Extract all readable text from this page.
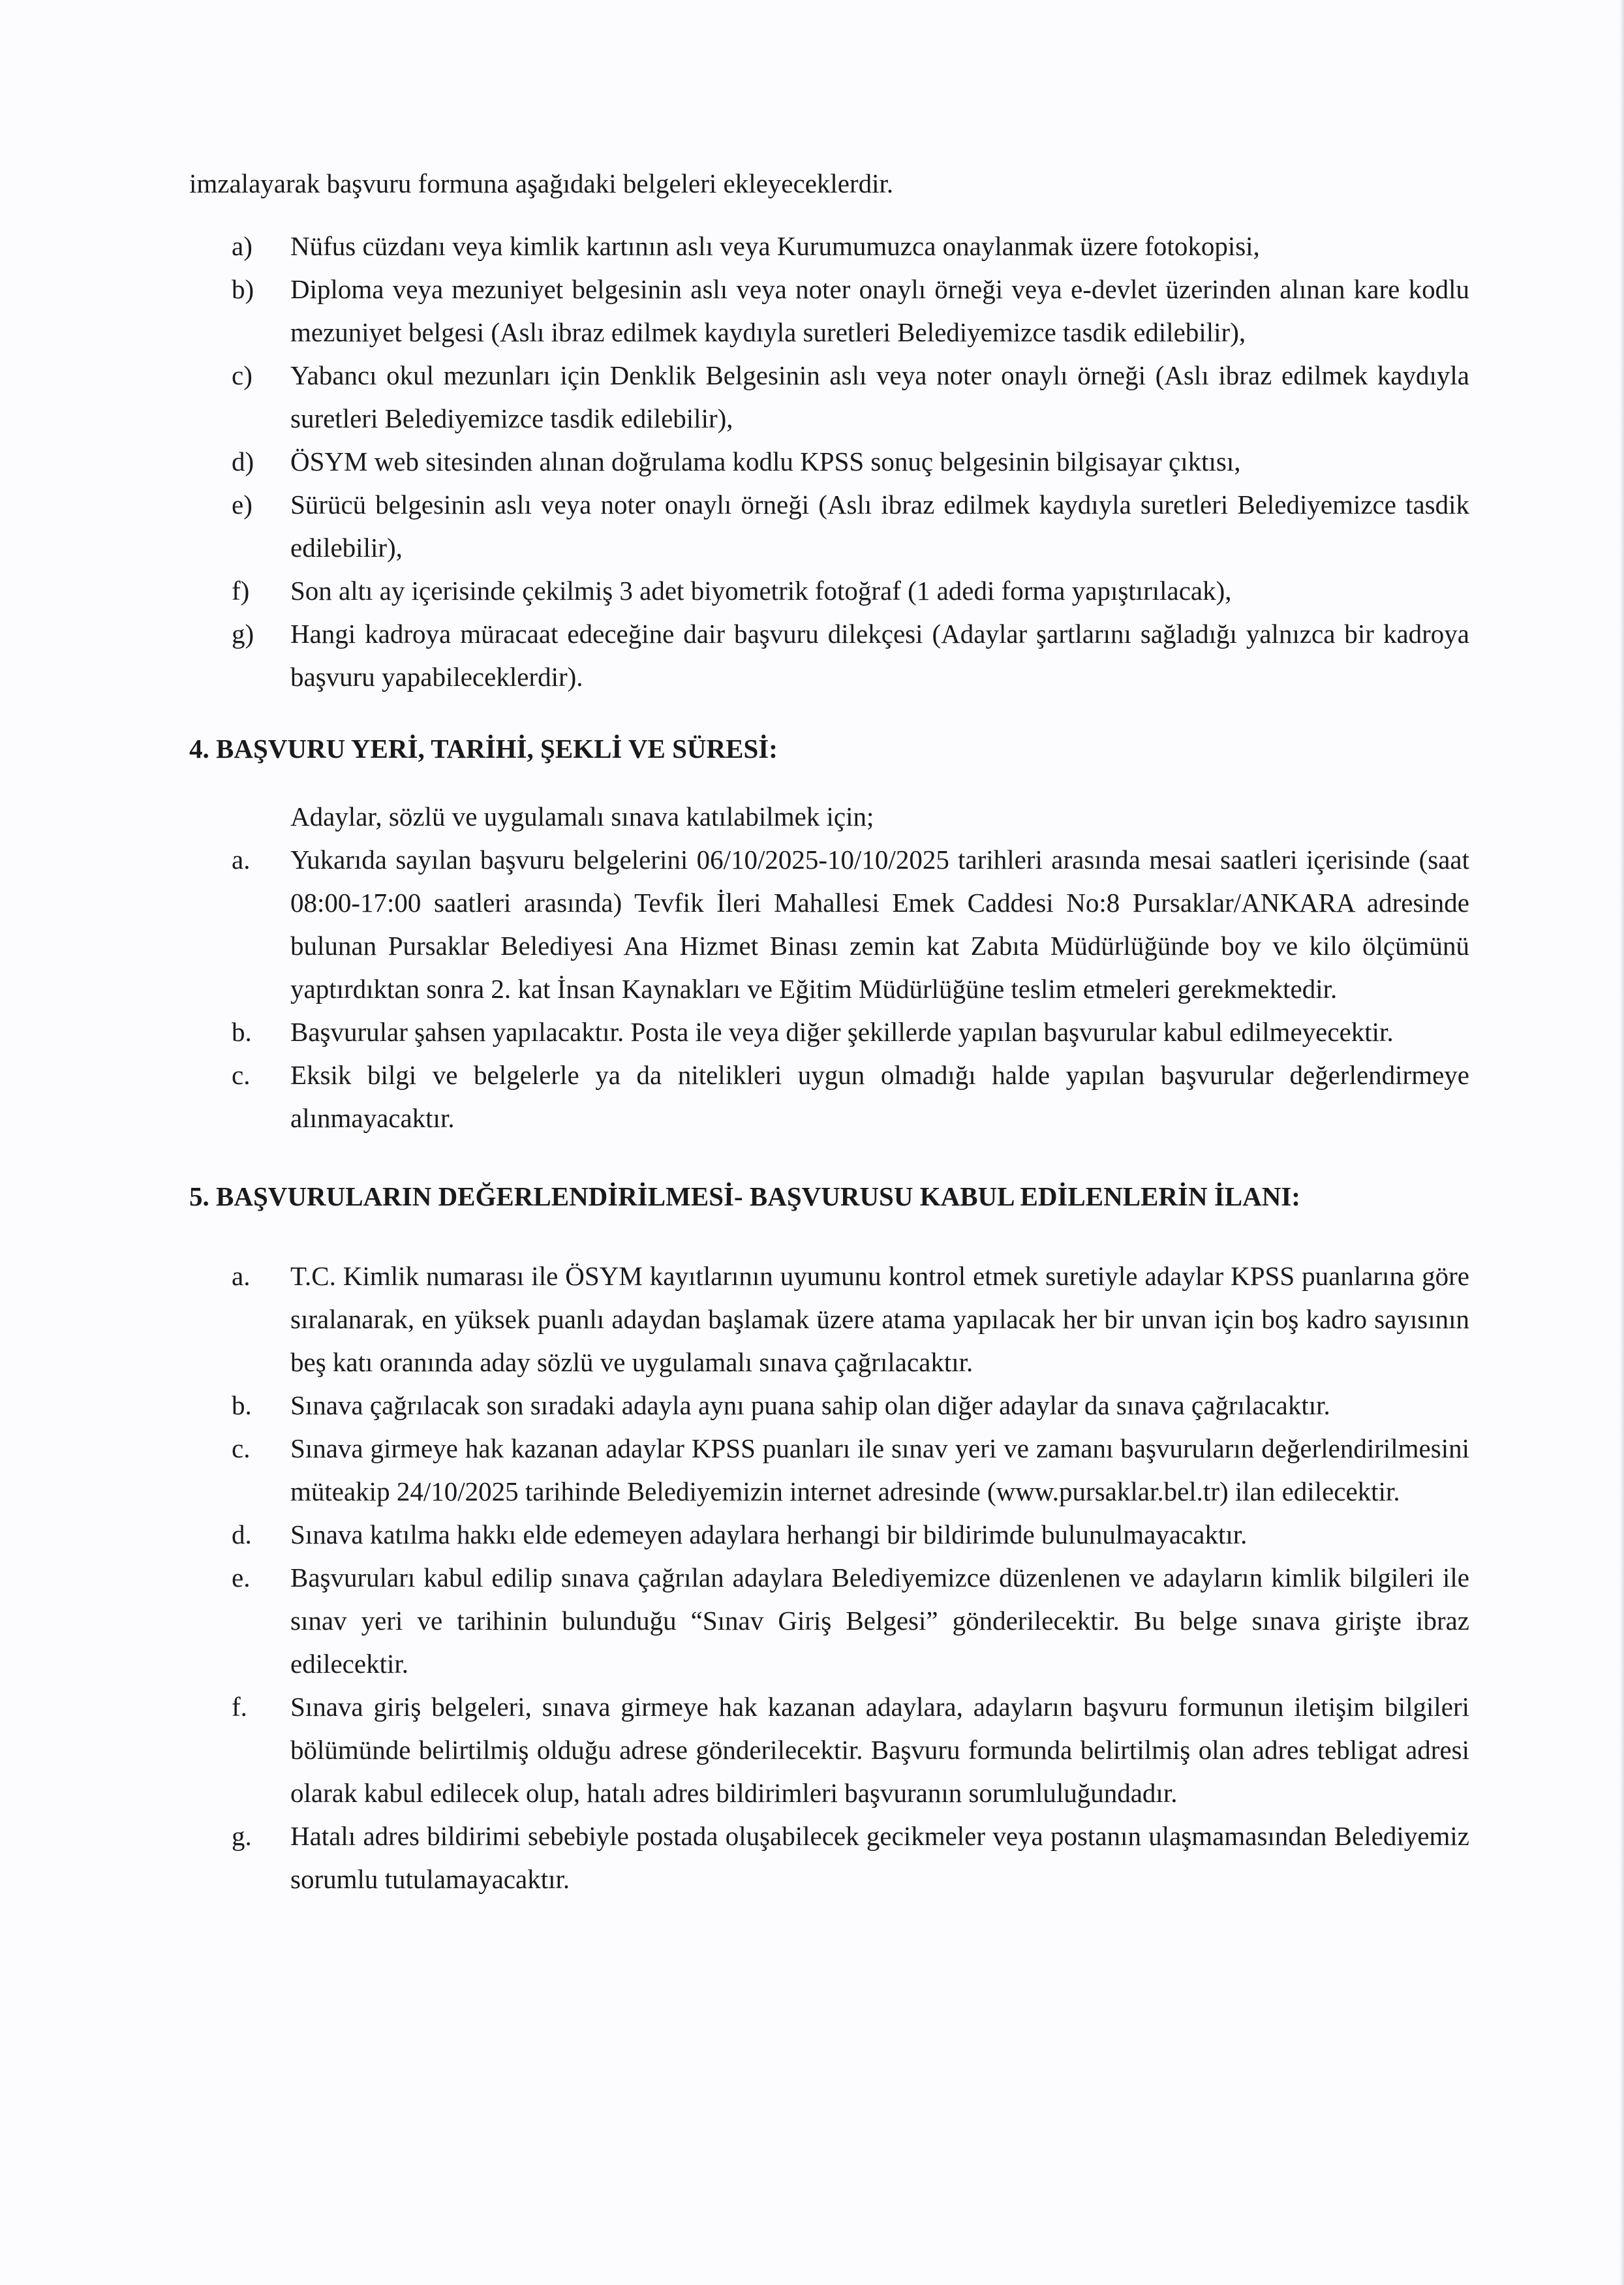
imzalayarak başvuru formuna aşağıdaki belgeleri ekleyeceklerdir.

a) Nüfus cüzdanı veya kimlik kartının aslı veya Kurumumuzca onaylanmak üzere fotokopisi,
b) Diploma veya mezuniyet belgesinin aslı veya noter onaylı örneği veya e-devlet üzerinden alınan kare kodlu mezuniyet belgesi (Aslı ibraz edilmek kaydıyla suretleri Belediyemizce tasdik edilebilir),
c) Yabancı okul mezunları için Denklik Belgesinin aslı veya noter onaylı örneği (Aslı ibraz edilmek kaydıyla suretleri Belediyemizce tasdik edilebilir),
d) ÖSYM web sitesinden alınan doğrulama kodlu KPSS sonuç belgesinin bilgisayar çıktısı,
e) Sürücü belgesinin aslı veya noter onaylı örneği (Aslı ibraz edilmek kaydıyla suretleri Belediyemizce tasdik edilebilir),
f) Son altı ay içerisinde çekilmiş 3 adet biyometrik fotoğraf (1 adedi forma yapıştırılacak),
g) Hangi kadroya müracaat edeceğine dair başvuru dilekçesi (Adaylar şartlarını sağladığı yalnızca bir kadroya başvuru yapabileceklerdir).
4. BAŞVURU YERİ, TARİHİ, ŞEKLİ VE SÜRESİ:

Adaylar, sözlü ve uygulamalı sınava katılabilmek için;

a. Yukarıda sayılan başvuru belgelerini 06/10/2025-10/10/2025 tarihleri arasında mesai saatleri içerisinde (saat 08:00-17:00 saatleri arasında) Tevfik İleri Mahallesi Emek Caddesi No:8 Pursaklar/ANKARA adresinde bulunan Pursaklar Belediyesi Ana Hizmet Binası zemin kat Zabıta Müdürlüğünde boy ve kilo ölçümünü yaptırdıktan sonra 2. kat İnsan Kaynakları ve Eğitim Müdürlüğüne teslim etmeleri gerekmektedir.
b. Başvurular şahsen yapılacaktır. Posta ile veya diğer şekillerde yapılan başvurular kabul edilmeyecektir.
c. Eksik bilgi ve belgelerle ya da nitelikleri uygun olmadığı halde yapılan başvurular değerlendirmeye alınmayacaktır.
5. BAŞVURULARIN DEĞERLENDİRİLMESİ- BAŞVURUSU KABUL EDİLENLERİN İLANI:
a. T.C. Kimlik numarası ile ÖSYM kayıtlarının uyumunu kontrol etmek suretiyle adaylar KPSS puanlarına göre sıralanarak, en yüksek puanlı adaydan başlamak üzere atama yapılacak her bir unvan için boş kadro sayısının beş katı oranında aday sözlü ve uygulamalı sınava çağrılacaktır.
b. Sınava çağrılacak son sıradaki adayla aynı puana sahip olan diğer adaylar da sınava çağrılacaktır.
c. Sınava girmeye hak kazanan adaylar KPSS puanları ile sınav yeri ve zamanı başvuruların değerlendirilmesini müteakip 24/10/2025 tarihinde Belediyemizin internet adresinde (www.pursaklar.bel.tr) ilan edilecektir.
d. Sınava katılma hakkı elde edemeyen adaylara herhangi bir bildirimde bulunulmayacaktır.
e. Başvuruları kabul edilip sınava çağrılan adaylara Belediyemizce düzenlenen ve adayların kimlik bilgileri ile sınav yeri ve tarihinin bulunduğu “Sınav Giriş Belgesi” gönderilecektir. Bu belge sınava girişte ibraz edilecektir.
f. Sınava giriş belgeleri, sınava girmeye hak kazanan adaylara, adayların başvuru formunun iletişim bilgileri bölümünde belirtilmiş olduğu adrese gönderilecektir. Başvuru formunda belirtilmiş olan adres tebligat adresi olarak kabul edilecek olup, hatalı adres bildirimleri başvuranın sorumluluğundadır.
g. Hatalı adres bildirimi sebebiyle postada oluşabilecek gecikmeler veya postanın ulaşmamasından Belediyemiz sorumlu tutulamayacaktır.
